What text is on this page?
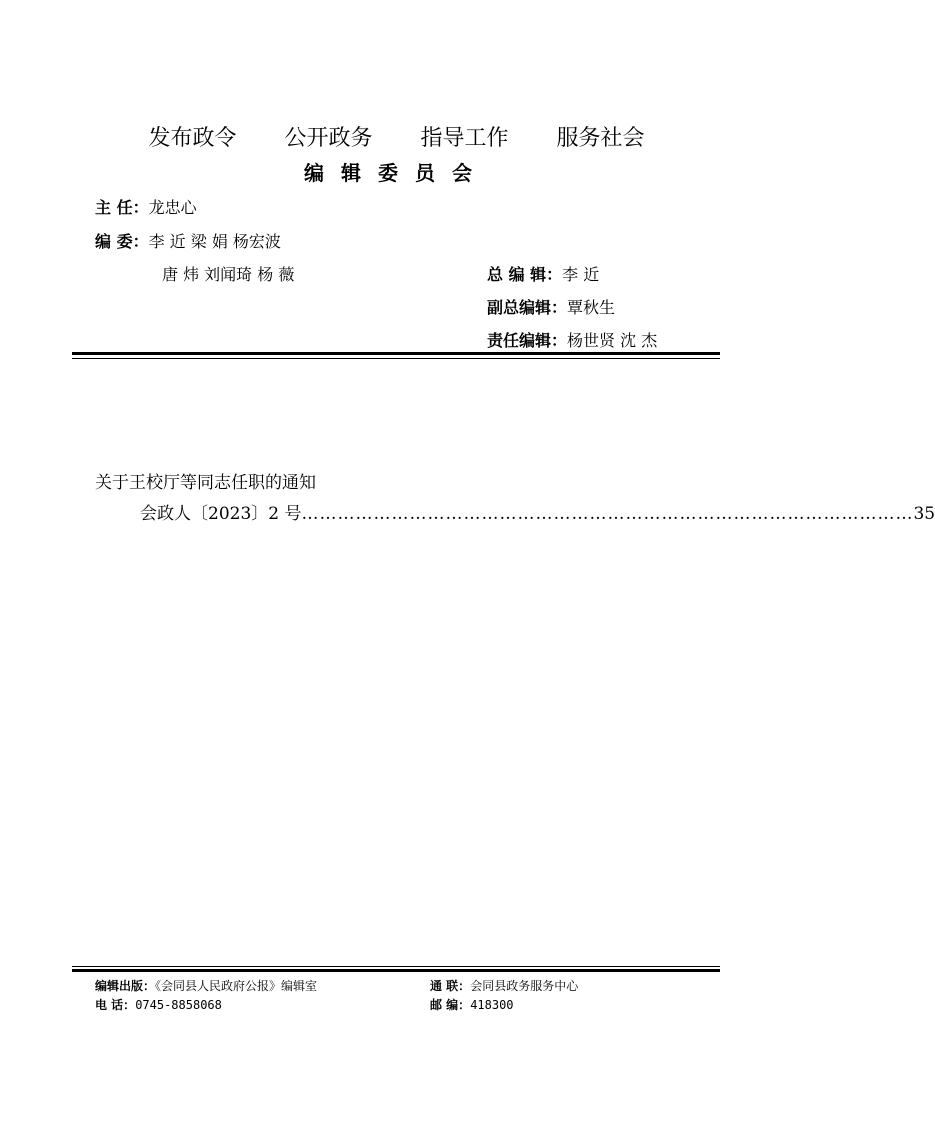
发布政令 公开政务 指导工作 服务社会
编辑委员会
主 任： 龙忠心
编 委： 李 近 梁 娟 杨宏波
唐 炜 刘闻琦 杨 薇	总 编 辑： 李 近
副总编辑： 覃秋生
责任编辑： 杨世贤 沈 杰
关于王校厅等同志任职的通知
会政人〔2023〕2 号 ………………………………………………………………………………………… 35
编辑出版：《会同县人民政府公报》编辑室	通 联：会同县政务服务中心
电 话：0745-8858068	邮 编：418300
